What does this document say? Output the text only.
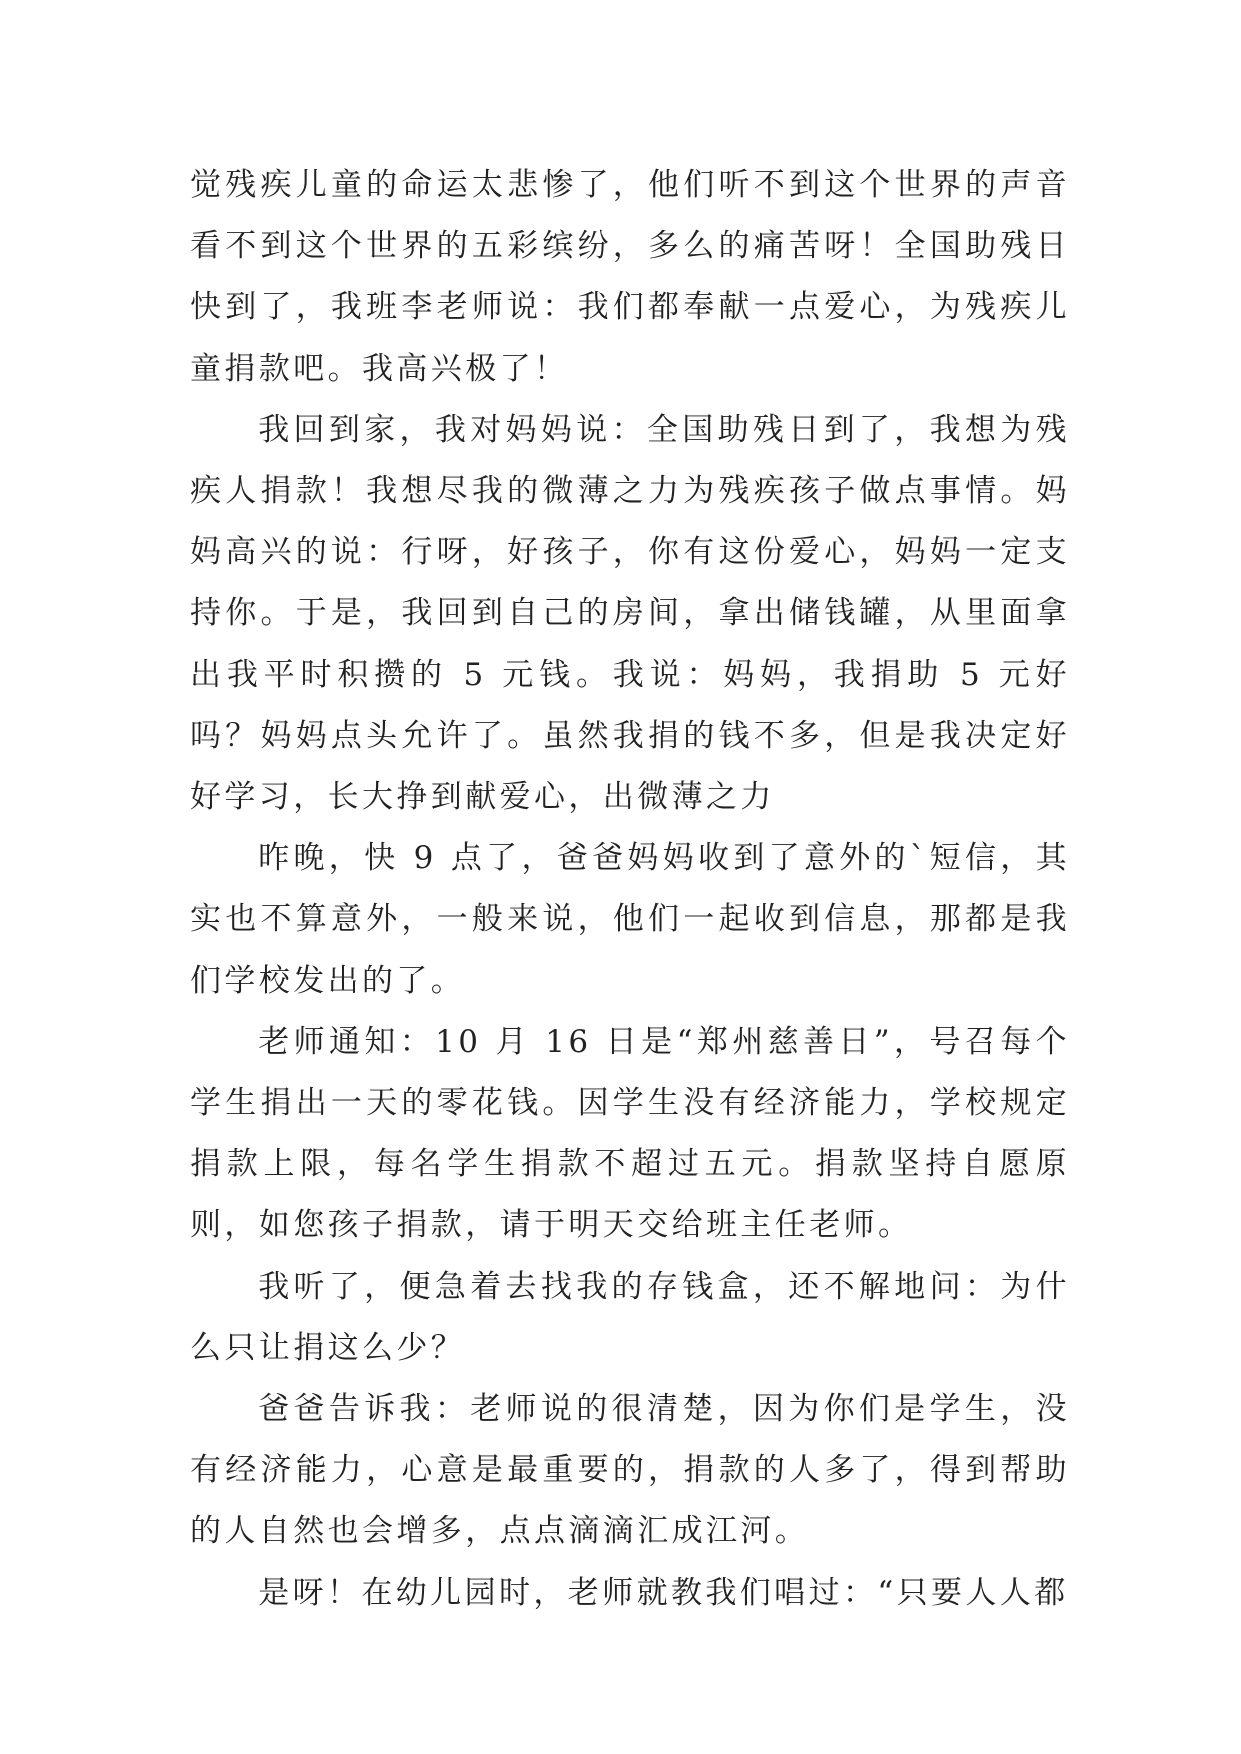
觉残疾儿童的命运太悲惨了，他们听不到这个世界的声音看不到这个世界的五彩缤纷，多么的痛苦呀！全国助残日快到了，我班李老师说：我们都奉献一点爱心，为残疾儿童捐款吧。我高兴极了！

我回到家，我对妈妈说：全国助残日到了，我想为残疾人捐款！我想尽我的微薄之力为残疾孩子做点事情。妈妈高兴的说：行呀，好孩子，你有这份爱心，妈妈一定支持你。于是，我回到自己的房间，拿出储钱罐，从里面拿出我平时积攒的 5 元钱。我说：妈妈，我捐助 5 元好吗？妈妈点头允许了。虽然我捐的钱不多，但是我决定好好学习，长大挣到献爱心，出微薄之力

昨晚，快 9 点了，爸爸妈妈收到了意外的`短信，其实也不算意外，一般来说，他们一起收到信息，那都是我们学校发出的了。

老师通知：10 月 16 日是“郑州慈善日”，号召每个学生捐出一天的零花钱。因学生没有经济能力，学校规定捐款上限，每名学生捐款不超过五元。捐款坚持自愿原则，如您孩子捐款，请于明天交给班主任老师。

我听了，便急着去找我的存钱盒，还不解地问：为什么只让捐这么少？

爸爸告诉我：老师说的很清楚，因为你们是学生，没有经济能力，心意是最重要的，捐款的人多了，得到帮助的人自然也会增多，点点滴滴汇成江河。

是呀！在幼儿园时，老师就教我们唱过：“只要人人都
